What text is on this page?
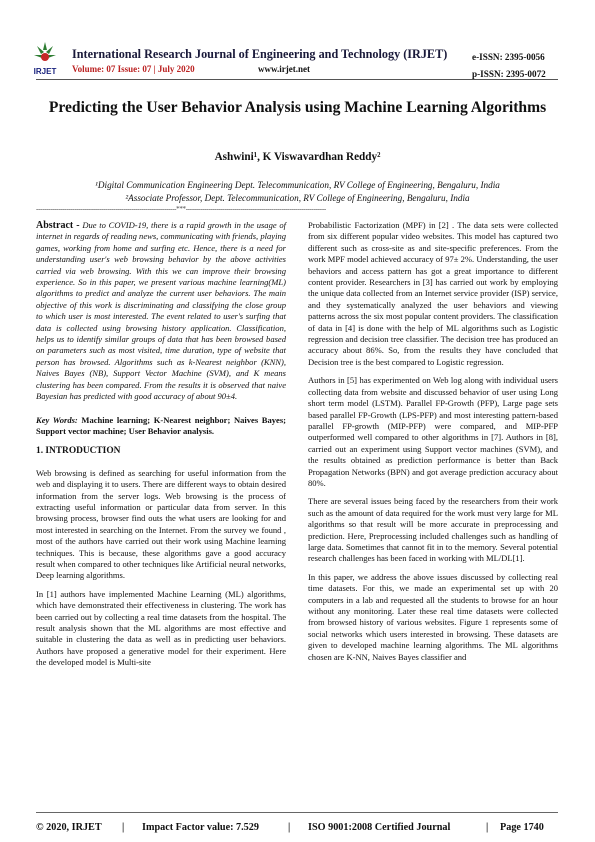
IRJET
International Research Journal of Engineering and Technology (IRJET)
Volume: 07 Issue: 07 | July 2020	www.irjet.net
e-ISSN: 2395-0056
p-ISSN: 2395-0072
Predicting the User Behavior Analysis using Machine Learning Algorithms
Ashwini¹, K Viswavardhan Reddy²
¹Digital Communication Engineering Dept. Telecommunication, RV College of Engineering, Bengaluru, India
²Associate Professor, Dept. Telecommunication, RV College of Engineering, Bengaluru, India
---------------------------------------------------------------------***---------------------------------------------------------------------

Abstract - Due to COVID-19, there is a rapid growth in the usage of internet in regards of reading news, communicating with friends, playing games, working from home and surfing etc. Hence, there is a need for understanding user's web browsing behavior by the above activities carried via web browsing. With this we can improve their browsing experience. So in this paper, we present various machine learning(ML) algorithms to predict and analyze the current user behaviors. The main objective of this work is discriminating and classifying the close group to which user is most interested. The event related to user's surfing that data is collected using browsing history application. Classification, helps us to identify similar groups of data that has been browsed based on parameters such as most visited, time duration, type of website that person has browsed. Algorithms such as k-Nearest neighbor (KNN), Naives Bayes (NB), Support Vector Machine (SVM), and K means clustering has been compared. From the results it is observed that naive Bayesian has predicted with good accuracy of about 90±4.

Key Words: Machine learning; K-Nearest neighbor; Naives Bayes; Support vector machine; User Behavior analysis.

1. INTRODUCTION

Web browsing is defined as searching for useful information from the web and displaying it to users. There are different ways to obtain desired information from the server logs. Web browsing is the process of extracting useful information or particular data from server. In this browsing process, browser find outs the what users are looking for and most interested in searching on the Internet. From the survey we found , most of the authors have carried out their work using Machine learning techniques. This is because, these algorithms gave a good accuracy result when compared to other techniques like Artificial neural networks, Deep learning algorithms.

In [1] authors have implemented Machine Learning (ML) algorithms, which have demonstrated their effectiveness in clustering. The work has been carried out by collecting a real time datasets from the hospital. The result analysis shown that the ML algorithms are most effective and suitable in clustering the data as well as in predicting user behaviors. Authors have proposed a generative model for their experiment. Here the developed model is Multi-site

Probabilistic Factorization (MPF) in [2] . The data sets were collected from six different popular video websites. This model has captured two different such as cross-site as and site-specific preferences. From the work MPF model achieved accuracy of 97± 2%. Understanding, the user behaviors and access pattern has got a great importance to different content provider. Researchers in [3] has carried out work by employing the unique data collected from an Internet service provider (ISP) service, and they systematically analyzed the user behaviors and viewing patterns across the six most popular content providers. The classification of data in [4] is done with the help of ML algorithms such as Logistic regression and decision tree classifier. The decision tree has produced an accuracy about 86%. So, from the results they have concluded that Decision tree is the best compared to Logistic regression.

Authors in [5] has experimented on Web log along with individual users collecting data from website and discussed behavior of user using Long short term model (LSTM). Parallel FP-Growth (PFP), Large page sets based parallel FP-Growth (LPS-PFP) and most interesting pattern-based parallel FP-growth (MIP-PFP) were compared, and MIP-PFP outperformed well compared to other algorithms in [7]. Authors in [8], carried out an experiment using Support vector machines (SVM), and the results obtained as prediction performance is better than Back Propagation Networks (BPN) and got average prediction accuracy about 80%.

There are several issues being faced by the researchers from their work such as the amount of data required for the work must very large for ML algorithms so that result will be more accurate in preprocessing and prediction. Here, Preprocessing included challenges such as handling of large data. Sometimes that cannot fit in to the memory. Several potential research challenges has been faced in working with ML/DL[1].

In this paper, we address the above issues discussed by collecting real time datasets. For this, we made an experimental set up with 20 computers in a lab and requested all the students to browse for an hour without any monitoring. Later these real time datasets were collected from browsed history of various websites. Figure 1 represents some of social networks which users interested in browsing. These datasets are given to developed machine learning algorithms. The ML algorithms chosen are K-NN, Naives Bayes classifier and

© 2020, IRJET | Impact Factor value: 7.529	| ISO 9001:2008 Certified Journal	| Page 1740
